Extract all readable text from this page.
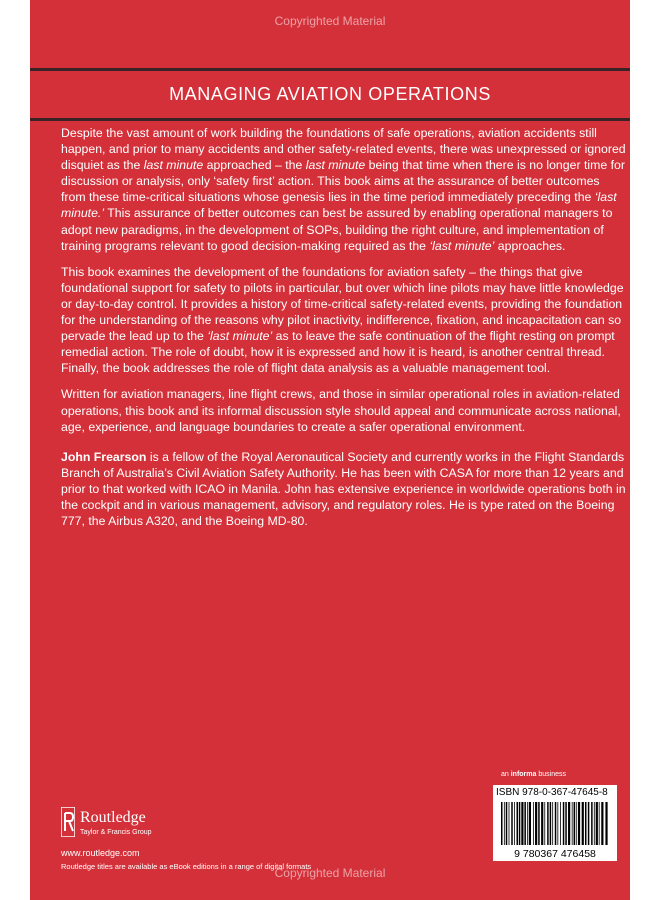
Copyrighted Material
MANAGING AVIATION OPERATIONS

Despite the vast amount of work building the foundations of safe operations, aviation accidents still happen, and prior to many accidents and other safety-related events, there was unexpressed or ignored disquiet as the last minute approached – the last minute being that time when there is no longer time for discussion or analysis, only ‘safety first’ action. This book aims at the assurance of better outcomes from these time-critical situations whose genesis lies in the time period immediately preceding the ‘last minute.’ This assurance of better outcomes can best be assured by enabling operational managers to adopt new paradigms, in the development of SOPs, building the right culture, and implementation of training programs relevant to good decision-making required as the ‘last minute’ approaches.

This book examines the development of the foundations for aviation safety – the things that give foundational support for safety to pilots in particular, but over which line pilots may have little knowledge or day-to-day control. It provides a history of time-critical safety-related events, providing the foundation for the understanding of the reasons why pilot inactivity, indifference, fixation, and incapacitation can so pervade the lead up to the ‘last minute’ as to leave the safe continuation of the flight resting on prompt remedial action. The role of doubt, how it is expressed and how it is heard, is another central thread. Finally, the book addresses the role of flight data analysis as a valuable management tool.

Written for aviation managers, line flight crews, and those in similar operational roles in aviation-related operations, this book and its informal discussion style should appeal and communicate across national, age, experience, and language boundaries to create a safer operational environment.

John Frearson is a fellow of the Royal Aeronautical Society and currently works in the Flight Standards Branch of Australia’s Civil Aviation Safety Authority. He has been with CASA for more than 12 years and prior to that worked with ICAO in Manila. John has extensive experience in worldwide operations both in the cockpit and in various management, advisory, and regulatory roles. He is type rated on the Boeing 777, the Airbus A320, and the Boeing MD-80.

an informa business
ISBN 978-0-367-47645-8
9 780367 476458
Routledge
Taylor & Francis Group
www.routledge.com
Routledge titles are available as eBook editions in a range of digital formats
Copyrighted Material
